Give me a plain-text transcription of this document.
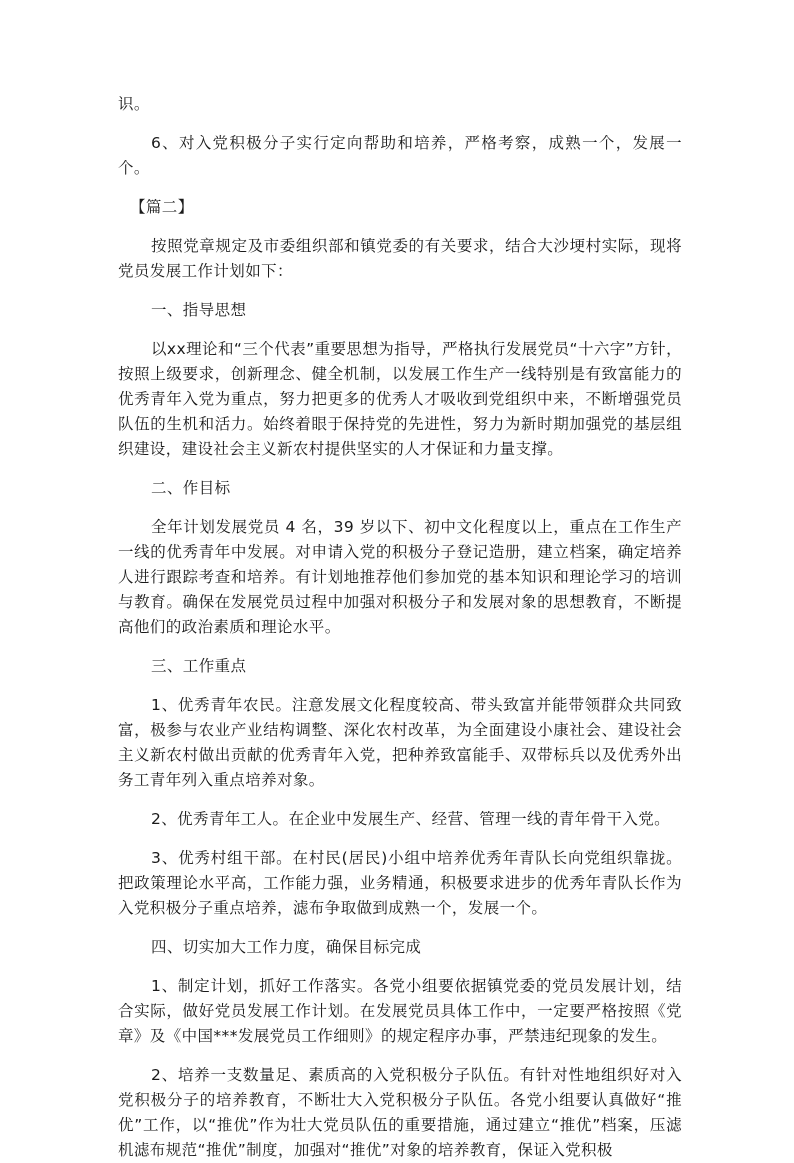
识。

6、对入党积极分子实行定向帮助和培养，严格考察，成熟一个，发展一个。

【篇二】

按照党章规定及市委组织部和镇党委的有关要求，结合大沙埂村实际，现将党员发展工作计划如下：

一、指导思想

以xx理论和“三个代表”重要思想为指导，严格执行发展党员“十六字”方针，按照上级要求，创新理念、健全机制，以发展工作生产一线特别是有致富能力的优秀青年入党为重点，努力把更多的优秀人才吸收到党组织中来，不断增强党员队伍的生机和活力。始终着眼于保持党的先进性，努力为新时期加强党的基层组织建设，建设社会主义新农村提供坚实的人才保证和力量支撑。

二、作目标

全年计划发展党员 4 名，39 岁以下、初中文化程度以上，重点在工作生产一线的优秀青年中发展。对申请入党的积极分子登记造册，建立档案，确定培养人进行跟踪考查和培养。有计划地推荐他们参加党的基本知识和理论学习的培训与教育。确保在发展党员过程中加强对积极分子和发展对象的思想教育，不断提高他们的政治素质和理论水平。

三、工作重点

1、优秀青年农民。注意发展文化程度较高、带头致富并能带领群众共同致富，极参与农业产业结构调整、深化农村改革，为全面建设小康社会、建设社会主义新农村做出贡献的优秀青年入党，把种养致富能手、双带标兵以及优秀外出务工青年列入重点培养对象。

2、优秀青年工人。在企业中发展生产、经营、管理一线的青年骨干入党。

3、优秀村组干部。在村民(居民)小组中培养优秀年青队长向党组织靠拢。把政策理论水平高，工作能力强，业务精通，积极要求进步的优秀年青队长作为入党积极分子重点培养，滤布争取做到成熟一个，发展一个。

四、切实加大工作力度，确保目标完成

1、制定计划，抓好工作落实。各党小组要依据镇党委的党员发展计划，结合实际，做好党员发展工作计划。在发展党员具体工作中，一定要严格按照《党章》及《中国***发展党员工作细则》的规定程序办事，严禁违纪现象的发生。

2、培养一支数量足、素质高的入党积极分子队伍。有针对性地组织好对入党积极分子的培养教育，不断壮大入党积极分子队伍。各党小组要认真做好“推优”工作，以“推优”作为壮大党员队伍的重要措施，通过建立“推优”档案，压滤机滤布规范“推优”制度，加强对“推优”对象的培养教育，保证入党积极
